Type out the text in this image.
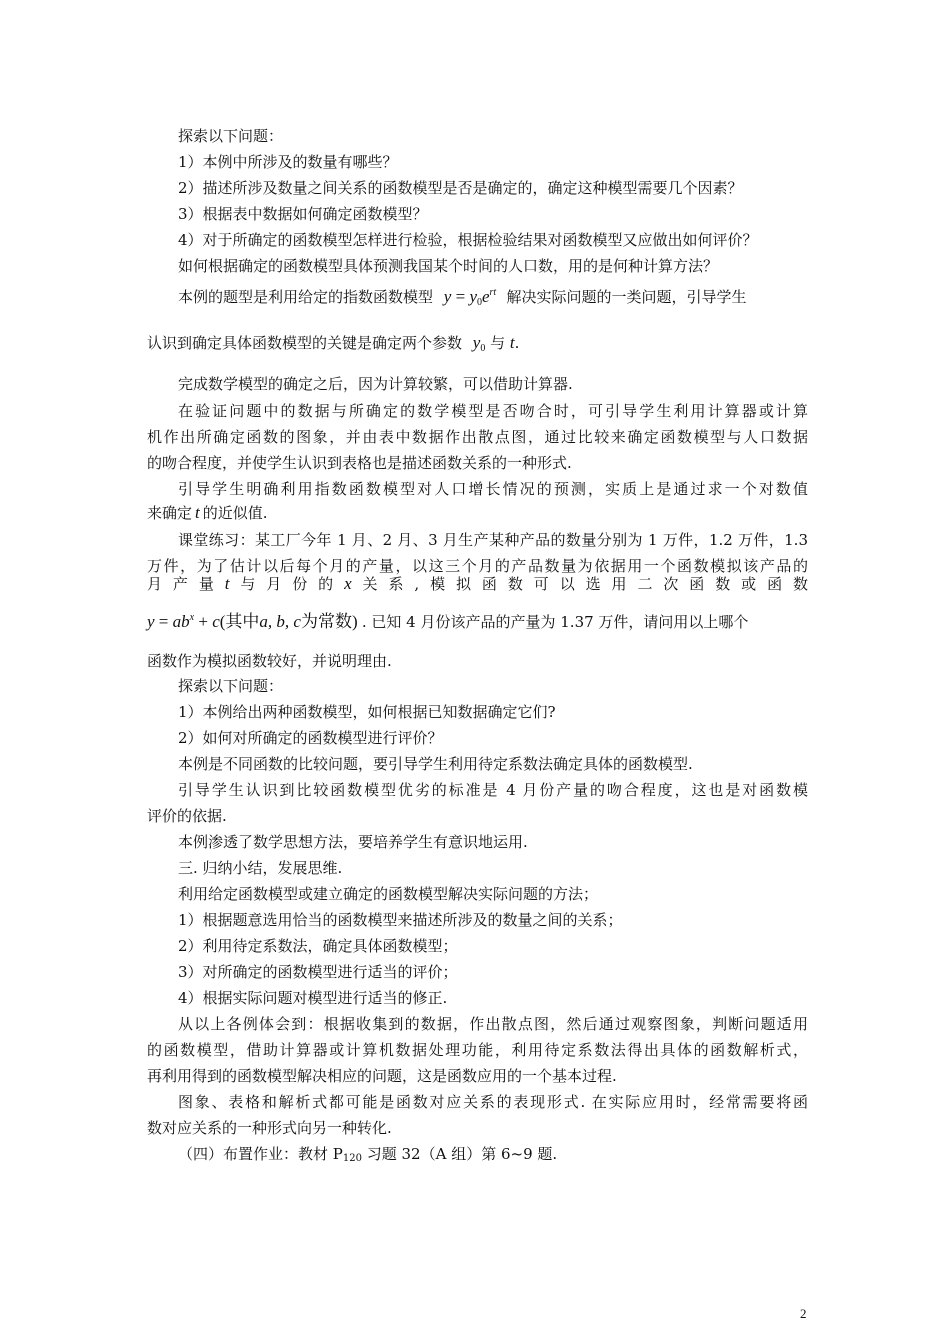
探索以下问题：
1）本例中所涉及的数量有哪些？
2）描述所涉及数量之间关系的函数模型是否是确定的，确定这种模型需要几个因素？
3）根据表中数据如何确定函数模型？
4）对于所确定的函数模型怎样进行检验，根据检验结果对函数模型又应做出如何评价？
如何根据确定的函数模型具体预测我国某个时间的人口数，用的是何种计算方法？
本例的题型是利用给定的指数函数模型 $y = y_0e^{rt}$ 解决实际问题的一类问题，引导学生
认识到确定具体函数模型的关键是确定两个参数 $y_0$ 与 t.
完成数学模型的确定之后，因为计算较繁，可以借助计算器.
在验证问题中的数据与所确定的数学模型是否吻合时，可引导学生利用计算器或计算
机作出所确定函数的图象，并由表中数据作出散点图，通过比较来确定函数模型与人口数据
的吻合程度，并使学生认识到表格也是描述函数关系的一种形式.
引导学生明确利用指数函数模型对人口增长情况的预测，实质上是通过求一个对数值
来确定 t 的近似值.
课堂练习：某工厂今年 1 月、2 月、3 月生产某种产品的数量分别为 1 万件，1.2 万件，1.3
万件，为了估计以后每个月的产量，以这三个月的产品数量为依据用一个函数模拟该产品的
月 产 量 t 与 月 份 的 x 关 系 , 模 拟 函 数 可 以 选 用 二 次 函 数 或 函 数
$y = ab^x + c$(其中a, b, c为常数) . 已知 4 月份该产品的产量为 1.37 万件，请问用以上哪个
函数作为模拟函数较好，并说明理由.
探索以下问题：
1）本例给出两种函数模型，如何根据已知数据确定它们?
2）如何对所确定的函数模型进行评价？
本例是不同函数的比较问题，要引导学生利用待定系数法确定具体的函数模型.
引导学生认识到比较函数模型优劣的标准是 4 月份产量的吻合程度，这也是对函数模
评价的依据.
本例渗透了数学思想方法，要培养学生有意识地运用.
三. 归纳小结，发展思维.
利用给定函数模型或建立确定的函数模型解决实际问题的方法；
1）根据题意选用恰当的函数模型来描述所涉及的数量之间的关系；
2）利用待定系数法，确定具体函数模型；
3）对所确定的函数模型进行适当的评价；
4）根据实际问题对模型进行适当的修正.
从以上各例体会到：根据收集到的数据，作出散点图，然后通过观察图象，判断问题适用
的函数模型，借助计算器或计算机数据处理功能，利用待定系数法得出具体的函数解析式，
再利用得到的函数模型解决相应的问题，这是函数应用的一个基本过程.
图象、表格和解析式都可能是函数对应关系的表现形式. 在实际应用时，经常需要将函
数对应关系的一种形式向另一种转化.
（四）布置作业：教材 $P_{120}$ 习题 32（A 组）第 6~9 题.
2
